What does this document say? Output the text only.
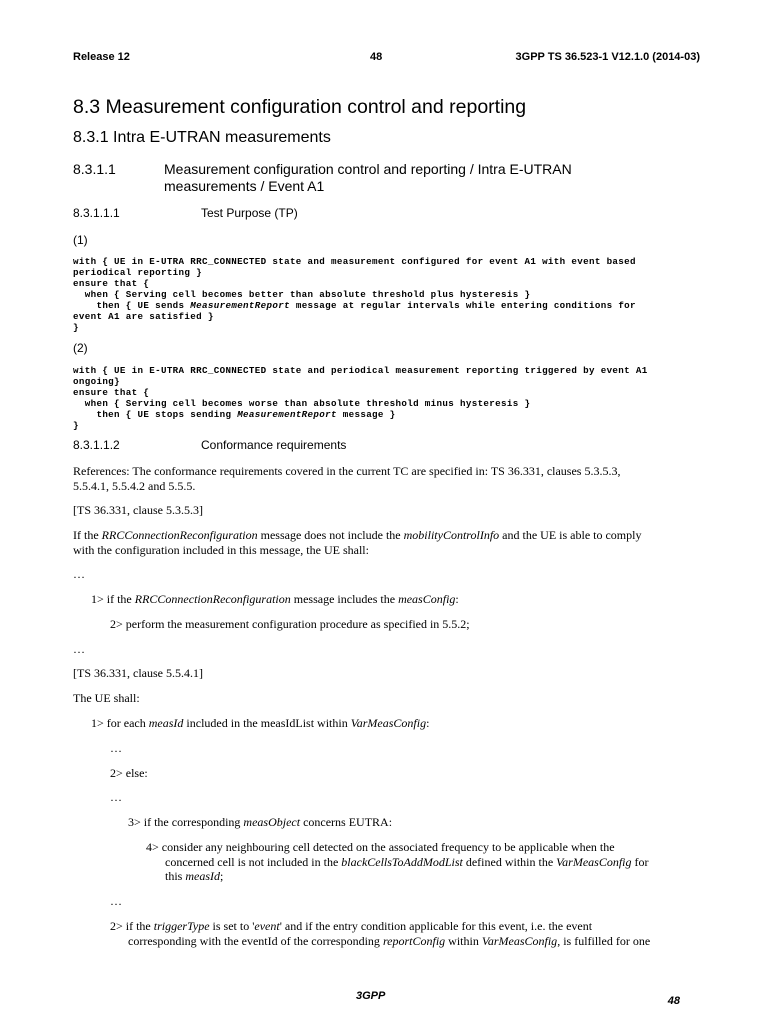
Release 12	48	3GPP TS 36.523-1 V12.1.0 (2014-03)
8.3 Measurement configuration control and reporting
8.3.1 Intra E-UTRAN measurements
8.3.1.1	Measurement configuration control and reporting / Intra E-UTRAN
measurements / Event A1
8.3.1.1.1	Test Purpose (TP)
(1)
with { UE in E-UTRA RRC_CONNECTED state and measurement configured for event A1 with event based
periodical reporting }
ensure that {
when { Serving cell becomes better than absolute threshold plus hysteresis }
then { UE sends MeasurementReport message at regular intervals while entering conditions for
event A1 are satisfied }
}
(2)
with { UE in E-UTRA RRC_CONNECTED state and periodical measurement reporting triggered by event A1
ongoing}
ensure that {
when { Serving cell becomes worse than absolute threshold minus hysteresis }
then { UE stops sending MeasurementReport message }
}
8.3.1.1.2	Conformance requirements
References: The conformance requirements covered in the current TC are specified in: TS 36.331, clauses 5.3.5.3,
5.5.4.1, 5.5.4.2 and 5.5.5.
[TS 36.331, clause 5.3.5.3]
If the RRCConnectionReconfiguration message does not include the mobilityControlInfo and the UE is able to comply
with the configuration included in this message, the UE shall:
…
1> if the RRCConnectionReconfiguration message includes the measConfig:
2> perform the measurement configuration procedure as specified in 5.5.2;
…
[TS 36.331, clause 5.5.4.1]
The UE shall:
1> for each measId included in the measIdList within VarMeasConfig:
…
2> else:
…
3> if the corresponding measObject concerns EUTRA:
4> consider any neighbouring cell detected on the associated frequency to be applicable when the
concerned cell is not included in the blackCellsToAddModList defined within the VarMeasConfig for
this measId;
…
2> if the triggerType is set to 'event' and if the entry condition applicable for this event, i.e. the event
corresponding with the eventId of the corresponding reportConfig within VarMeasConfig, is fulfilled for one
3GPP	48
